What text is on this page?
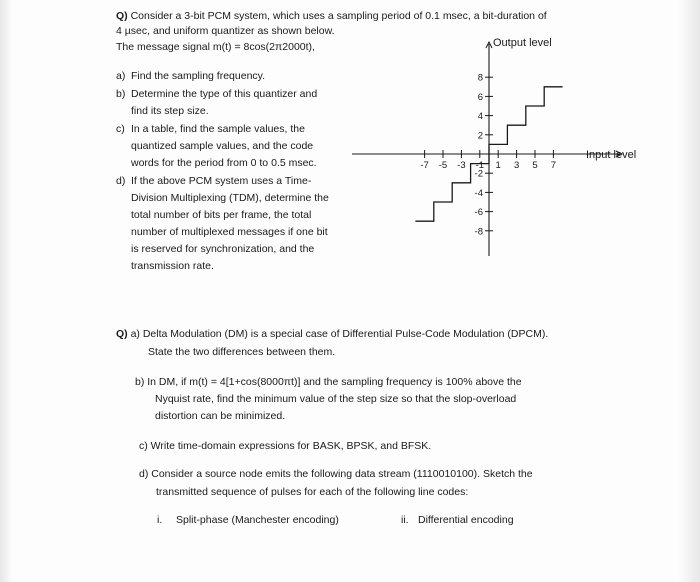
Q) Consider a 3-bit PCM system, which uses a sampling period of 0.1 msec, a bit-duration of
4 µsec, and uniform quantizer as shown below.
The message signal m(t) = 8cos(2π2000t),
a) Find the sampling frequency.
b) Determine the type of this quantizer and
find its step size.
c) In a table, find the sample values, the
quantized sample values, and the code
words for the period from 0 to 0.5 msec.
d) If the above PCM system uses a Time-
Division Multiplexing (TDM), determine the
total number of bits per frame, the total
number of multiplexed messages if one bit
is reserved for synchronization, and the
transmission rate.
-7 -5 -3 -1 1 3 5 7
8
6
4
2
-2
-4
-6
-8
Output level
Input level
Q) a) Delta Modulation (DM) is a special case of Differential Pulse-Code Modulation (DPCM).
State the two differences between them.
b) In DM, if m(t) = 4[1+cos(8000πt)] and the sampling frequency is 100% above the
Nyquist rate, find the minimum value of the step size so that the slop-overload
distortion can be minimized.
c) Write time-domain expressions for BASK, BPSK, and BFSK.
d) Consider a source node emits the following data stream (1110010100). Sketch the
transmitted sequence of pulses for each of the following line codes:
i. Split-phase (Manchester encoding)	ii. Differential encoding
